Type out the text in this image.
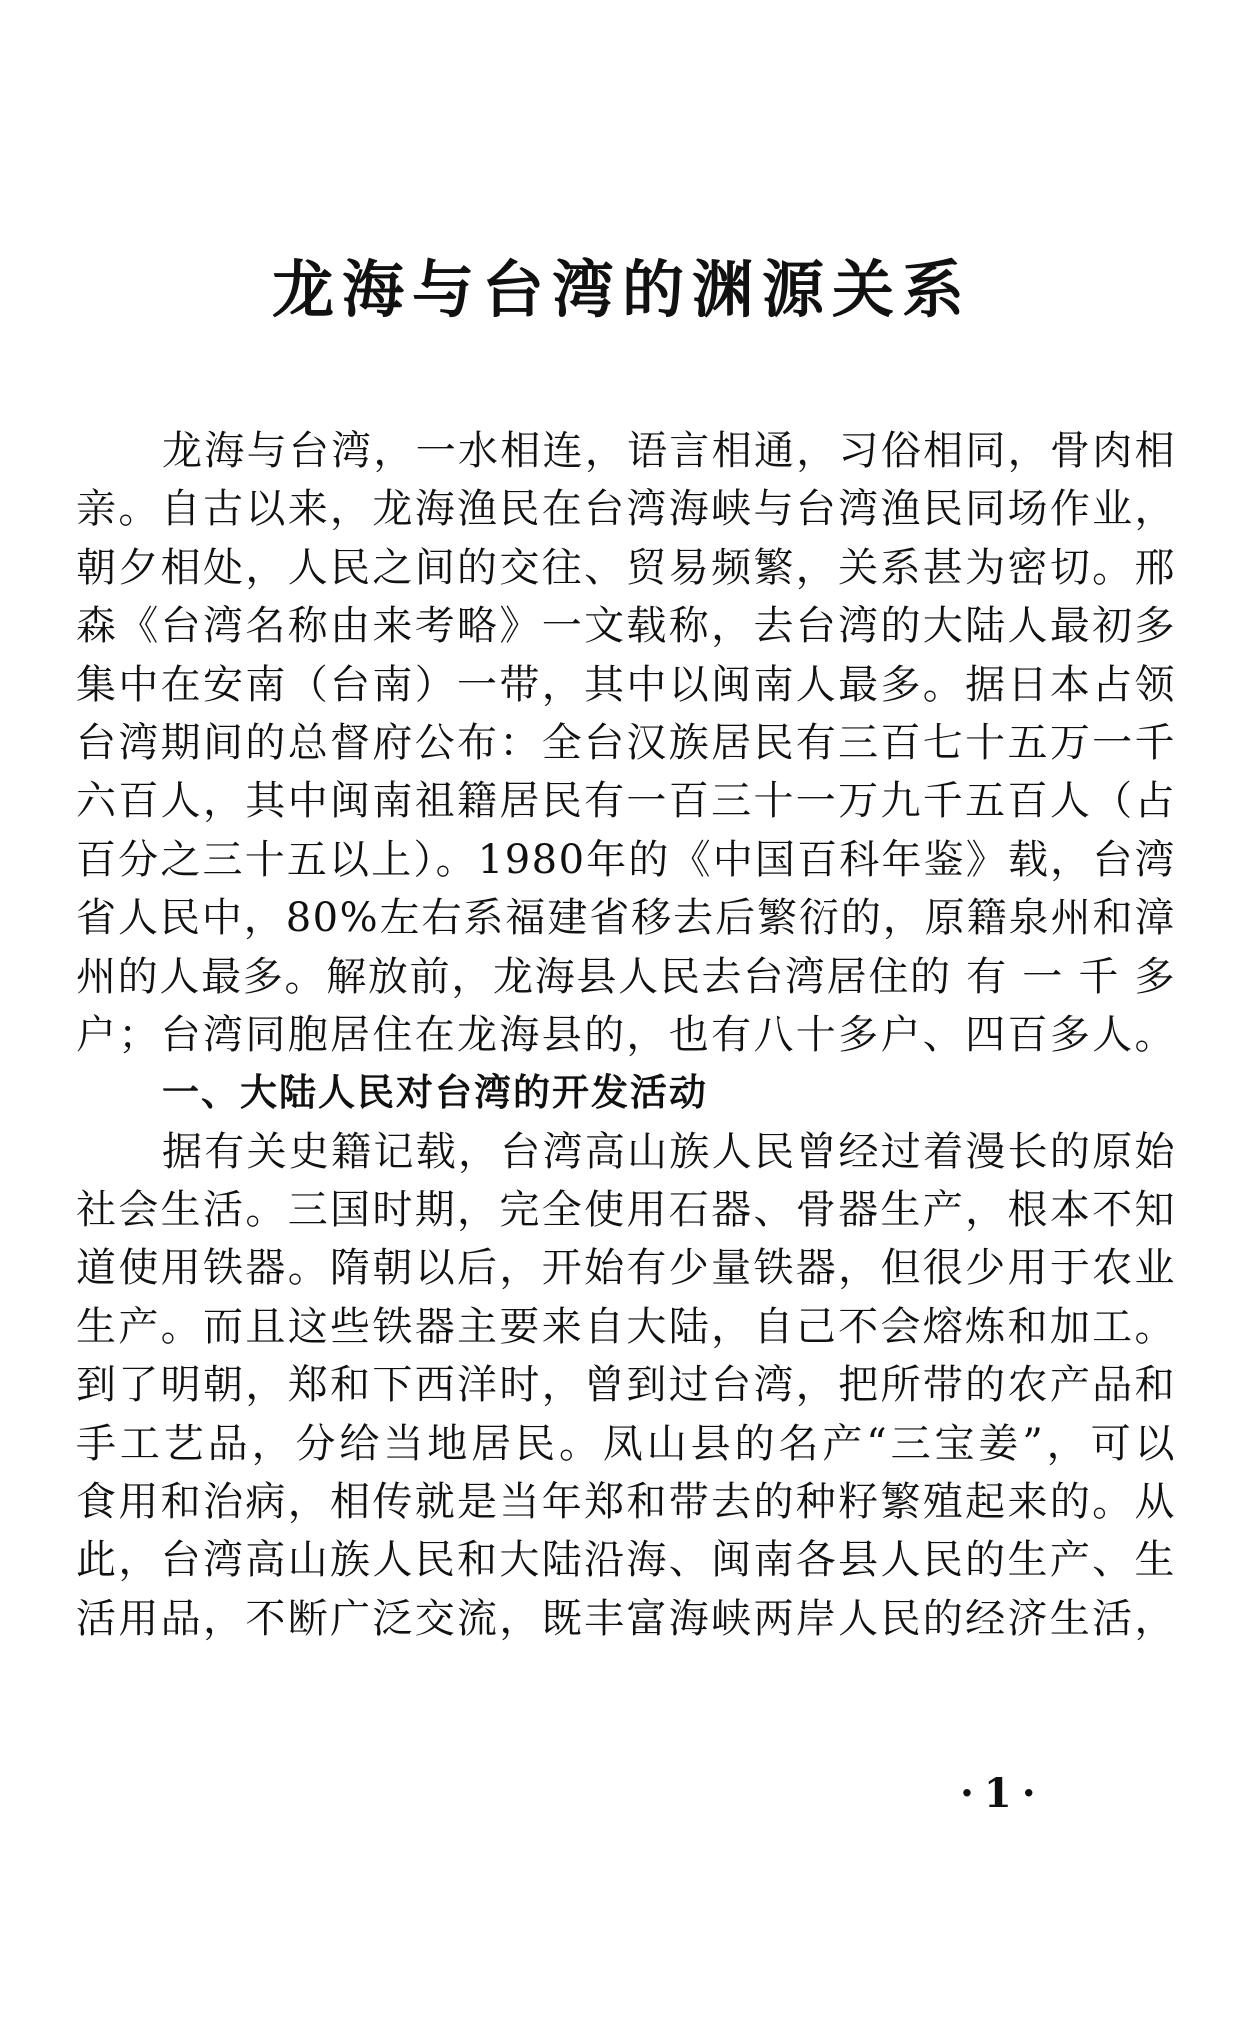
龙海与台湾的渊源关系
龙海与台湾，一水相连，语言相通，习俗相同，骨肉相
亲。自古以来，龙海渔民在台湾海峡与台湾渔民同场作业，
朝夕相处，人民之间的交往、贸易频繁，关系甚为密切。邢
森《台湾名称由来考略》一文载称，去台湾的大陆人最初多
集中在安南（台南）一带，其中以闽南人最多。据日本占领
台湾期间的总督府公布：全台汉族居民有三百七十五万一千
六百人，其中闽南祖籍居民有一百三十一万九千五百人（占
百分之三十五以上）。1980年的《中国百科年鉴》载，台湾
省人民中，80%左右系福建省移去后繁衍的，原籍泉州和漳
州的人最多。解放前，龙海县人民去台湾居住的 有 一 千 多
户；台湾同胞居住在龙海县的，也有八十多户、四百多人。
一、大陆人民对台湾的开发活动
据有关史籍记载，台湾高山族人民曾经过着漫长的原始
社会生活。三国时期，完全使用石器、骨器生产，根本不知
道使用铁器。隋朝以后，开始有少量铁器，但很少用于农业
生产。而且这些铁器主要来自大陆，自己不会熔炼和加工。
到了明朝，郑和下西洋时，曾到过台湾，把所带的农产品和
手工艺品，分给当地居民。凤山县的名产“三宝姜”，可以
食用和治病，相传就是当年郑和带去的种籽繁殖起来的。从
此，台湾高山族人民和大陆沿海、闽南各县人民的生产、生
活用品，不断广泛交流，既丰富海峡两岸人民的经济生活，
·1·
